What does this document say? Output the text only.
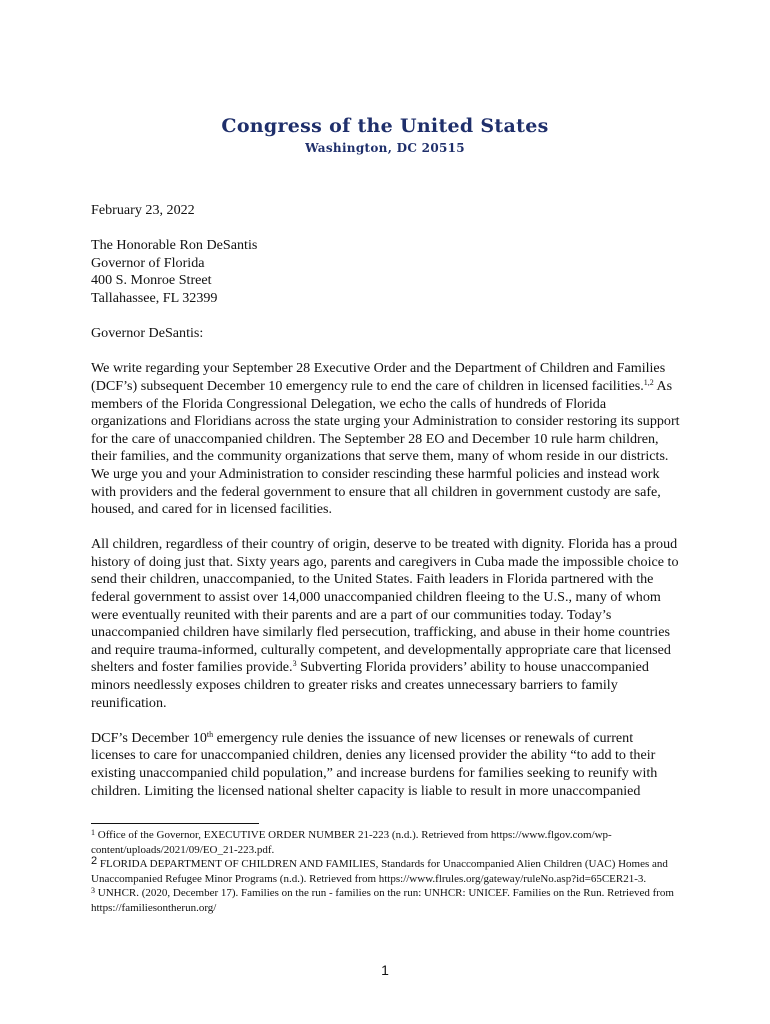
Congress of the United States
Washington, DC 20515

February 23, 2022

The Honorable Ron DeSantis
Governor of Florida
400 S. Monroe Street
Tallahassee, FL 32399

Governor DeSantis:

We write regarding your September 28 Executive Order and the Department of Children and Families (DCF’s) subsequent December 10 emergency rule to end the care of children in licensed facilities.$^{1,2}$ As members of the Florida Congressional Delegation, we echo the calls of hundreds of Florida organizations and Floridians across the state urging your Administration to consider restoring its support for the care of unaccompanied children. The September 28 EO and December 10 rule harm children, their families, and the community organizations that serve them, many of whom reside in our districts. We urge you and your Administration to consider rescinding these harmful policies and instead work with providers and the federal government to ensure that all children in government custody are safe, housed, and cared for in licensed facilities.

All children, regardless of their country of origin, deserve to be treated with dignity. Florida has a proud history of doing just that. Sixty years ago, parents and caregivers in Cuba made the impossible choice to send their children, unaccompanied, to the United States. Faith leaders in Florida partnered with the federal government to assist over 14,000 unaccompanied children fleeing to the U.S., many of whom were eventually reunited with their parents and are a part of our communities today. Today’s unaccompanied children have similarly fled persecution, trafficking, and abuse in their home countries and require trauma-informed, culturally competent, and developmentally appropriate care that licensed shelters and foster families provide.$^3$ Subverting Florida providers’ ability to house unaccompanied minors needlessly exposes children to greater risks and creates unnecessary barriers to family reunification.

DCF’s December 10th emergency rule denies the issuance of new licenses or renewals of current licenses to care for unaccompanied children, denies any licensed provider the ability “to add to their existing unaccompanied child population,” and increase burdens for families seeking to reunify with children. Limiting the licensed national shelter capacity is liable to result in more unaccompanied

$^1$ Office of the Governor, EXECUTIVE ORDER NUMBER 21-223 (n.d.). Retrieved from https://www.flgov.com/wp-content/uploads/2021/09/EO_21-223.pdf.
2 FLORIDA DEPARTMENT OF CHILDREN AND FAMILIES, Standards for Unaccompanied Alien Children (UAC) Homes and Unaccompanied Refugee Minor Programs (n.d.). Retrieved from https://www.flrules.org/gateway/ruleNo.asp?id=65CER21-3.
$^3$ UNHCR. (2020, December 17). Families on the run - families on the run: UNHCR: UNICEF. Families on the Run. Retrieved from https://familiesontherun.org/
1
